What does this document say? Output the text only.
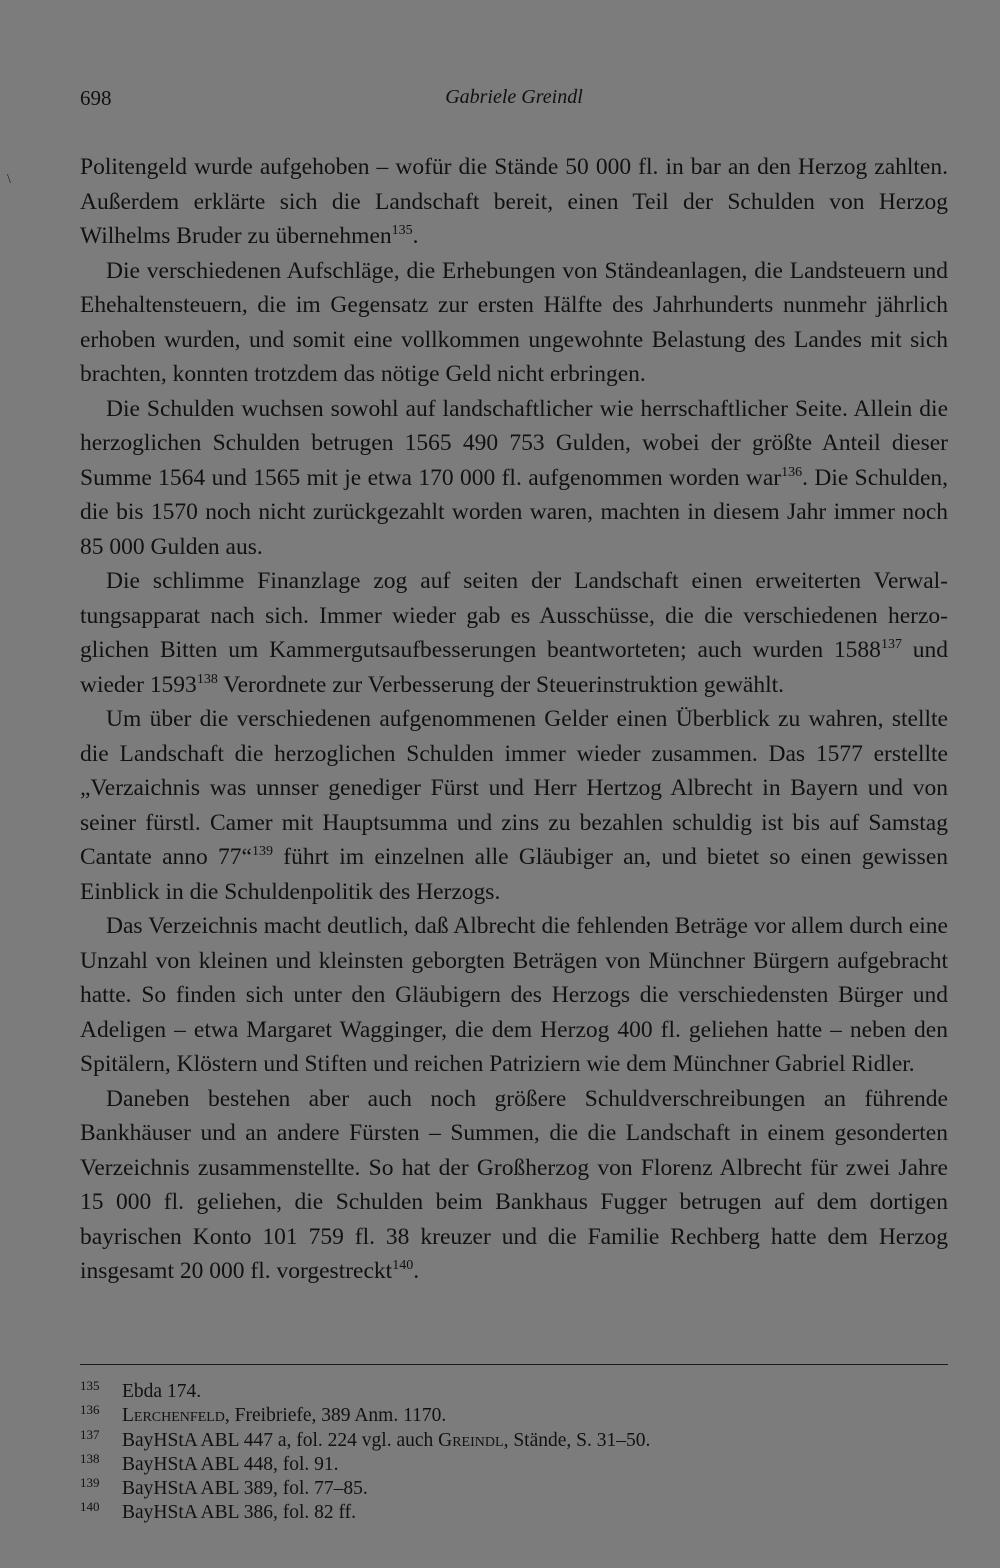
698	Gabriele Greindl
\	Politengeld wurde aufgehoben – wofür die Stände 50 000 fl. in bar an den Herzog zahlten. Außerdem erklärte sich die Landschaft bereit, einen Teil der Schulden von Herzog Wilhelms Bruder zu übernehmen$^{135}$.

Die verschiedenen Aufschläge, die Erhebungen von Ständeanlagen, die Landsteuern und Ehehaltensteuern, die im Gegensatz zur ersten Hälfte des Jahrhunderts nunmehr jährlich erhoben wurden, und somit eine vollkommen ungewohnte Belastung des Landes mit sich brachten, konnten trotzdem das nötige Geld nicht erbringen.

Die Schulden wuchsen sowohl auf landschaftlicher wie herrschaftlicher Seite. Allein die herzoglichen Schulden betrugen 1565 490 753 Gulden, wobei der größte Anteil dieser Summe 1564 und 1565 mit je etwa 170 000 fl. aufgenommen worden war$^{136}$. Die Schulden, die bis 1570 noch nicht zurückgezahlt worden waren, machten in diesem Jahr immer noch 85 000 Gulden aus.

Die schlimme Finanzlage zog auf seiten der Landschaft einen erweiterten Verwaltungsapparat nach sich. Immer wieder gab es Ausschüsse, die die verschiedenen herzoglichen Bitten um Kammergutsaufbesserungen beantworteten; auch wurden 1588$^{137}$ und wieder 1593$^{138}$ Verordnete zur Verbesserung der Steuerinstruktion gewählt.

Um über die verschiedenen aufgenommenen Gelder einen Überblick zu wahren, stellte die Landschaft die herzoglichen Schulden immer wieder zusammen. Das 1577 erstellte „Verzaichnis was unnser genediger Fürst und Herr Hertzog Albrecht in Bayern und von seiner fürstl. Camer mit Hauptsumma und zins zu bezahlen schuldig ist bis auf Samstag Cantate anno 77“$^{139}$ führt im einzelnen alle Gläubiger an, und bietet so einen gewissen Einblick in die Schuldenpolitik des Herzogs.

Das Verzeichnis macht deutlich, daß Albrecht die fehlenden Beträge vor allem durch eine Unzahl von kleinen und kleinsten geborgten Beträgen von Münchner Bürgern aufgebracht hatte. So finden sich unter den Gläubigern des Herzogs die verschiedensten Bürger und Adeligen – etwa Margaret Wagginger, die dem Herzog 400 fl. geliehen hatte – neben den Spitälern, Klöstern und Stiften und reichen Patriziern wie dem Münchner Gabriel Ridler.

Daneben bestehen aber auch noch größere Schuldverschreibungen an führende Bankhäuser und an andere Fürsten – Summen, die die Landschaft in einem gesonderten Verzeichnis zusammenstellte. So hat der Großherzog von Florenz Albrecht für zwei Jahre 15 000 fl. geliehen, die Schulden beim Bankhaus Fugger betrugen auf dem dortigen bayrischen Konto 101 759 fl. 38 kreuzer und die Familie Rechberg hatte dem Herzog insgesamt 20 000 fl. vorgestreckt$^{140}$.

135 Ebda 174.
136 Lerchenfeld, Freibriefe, 389 Anm. 1170.
137 BayHStA ABL 447 a, fol. 224 vgl. auch Greindl, Stände, S. 31–50.
138 BayHStA ABL 448, fol. 91.
139 BayHStA ABL 389, fol. 77–85.
140 BayHStA ABL 386, fol. 82 ff.
